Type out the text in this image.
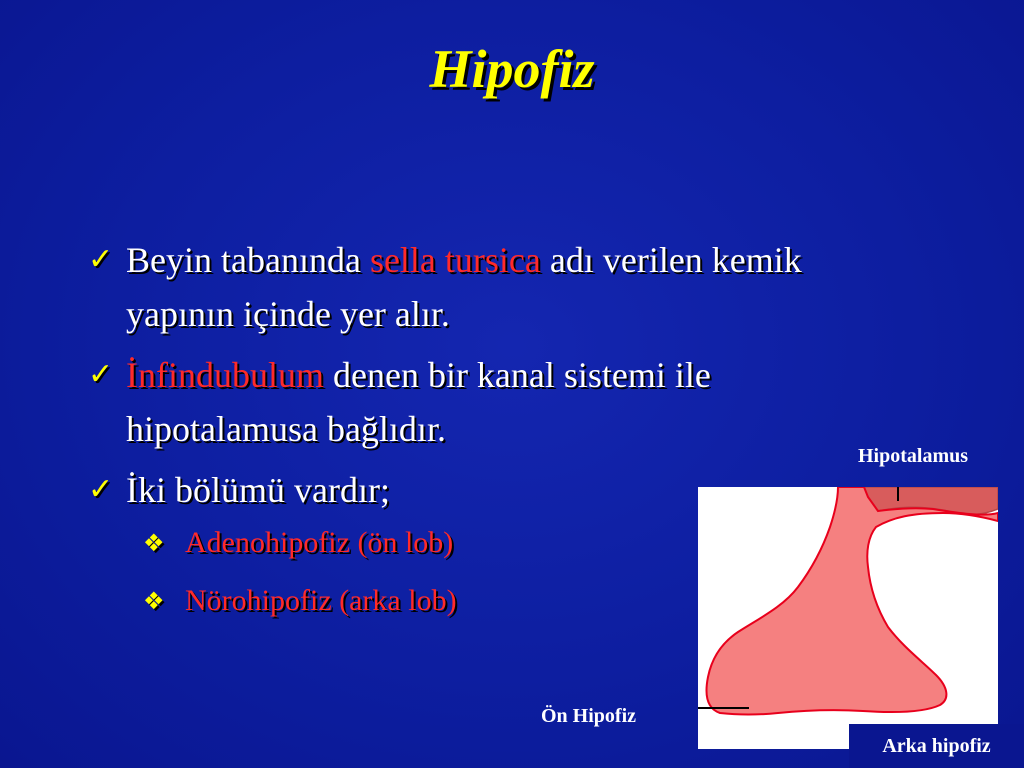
Hipofiz
✓ Beyin tabanında sella tursica adı verilen kemik yapının içinde yer alır.
✓ İnfindubulum denen bir kanal sistemi ile hipotalamusa bağlıdır.
✓ İki bölümü vardır;
❖ Adenohipofiz (ön lob)
❖ Nörohipofiz (arka lob)
Hipotalamus
Ön Hipofiz
Arka hipofiz
